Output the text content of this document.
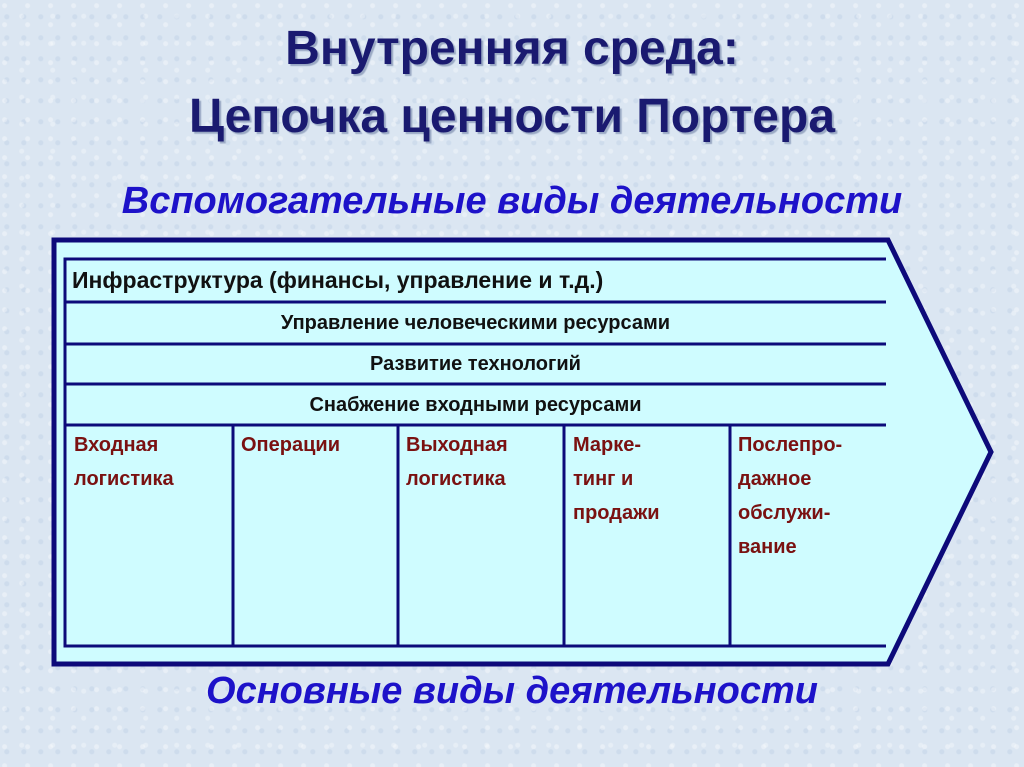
Внутренняя среда:
Цепочка ценности Портера
Вспомогательные виды деятельности
Инфраструктура (финансы, управление и т.д.)
Управление человеческими ресурсами
Развитие технологий
Снабжение входными ресурсами
Входная
логистика
Операции	Выходная
логистика
Марке-
тинг и
продажи
Послепро-
дажное
обслужи-
вание
Основные виды деятельности
